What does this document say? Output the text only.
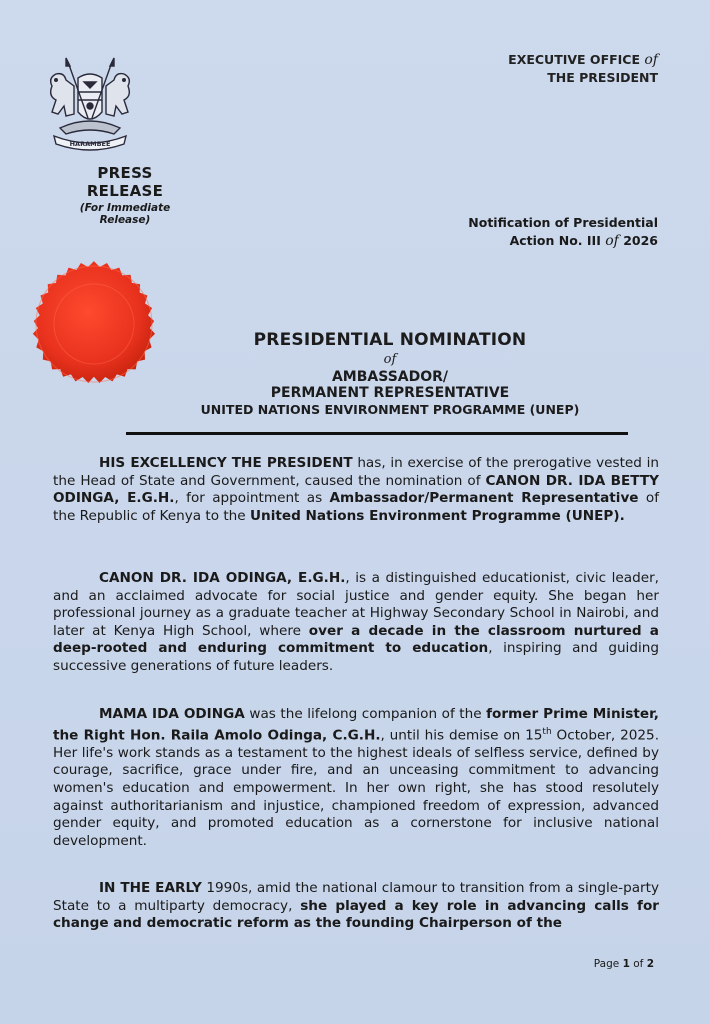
HARAMBEE
EXECUTIVE OFFICE of
THE PRESIDENT
PRESS RELEASE
(For Immediate Release)	Notification of Presidential
Action No. III of 2026
PRESIDENTIAL NOMINATION
of
AMBASSADOR/
PERMANENT REPRESENTATIVE
UNITED NATIONS ENVIRONMENT PROGRAMME (UNEP)

HIS EXCELLENCY THE PRESIDENT has, in exercise of the prerogative vested in the Head of State and Government, caused the nomination of CANON DR. IDA BETTY ODINGA, E.G.H., for appointment as Ambassador/Permanent Representative of the Republic of Kenya to the United Nations Environment Programme (UNEP).

CANON DR. IDA ODINGA, E.G.H., is a distinguished educationist, civic leader, and an acclaimed advocate for social justice and gender equity. She began her professional journey as a graduate teacher at Highway Secondary School in Nairobi, and later at Kenya High School, where over a decade in the classroom nurtured a deep-rooted and enduring commitment to education, inspiring and guiding successive generations of future leaders.

MAMA IDA ODINGA was the lifelong companion of the former Prime Minister, the Right Hon. Raila Amolo Odinga, C.G.H., until his demise on 15th October, 2025. Her life's work stands as a testament to the highest ideals of selfless service, defined by courage, sacrifice, grace under fire, and an unceasing commitment to advancing women's education and empowerment. In her own right, she has stood resolutely against authoritarianism and injustice, championed freedom of expression, advanced gender equity, and promoted education as a cornerstone for inclusive national development.

IN THE EARLY 1990s, amid the national clamour to transition from a single-party State to a multiparty democracy, she played a key role in advancing calls for change and democratic reform as the founding Chairperson of the

Page 1 of 2
